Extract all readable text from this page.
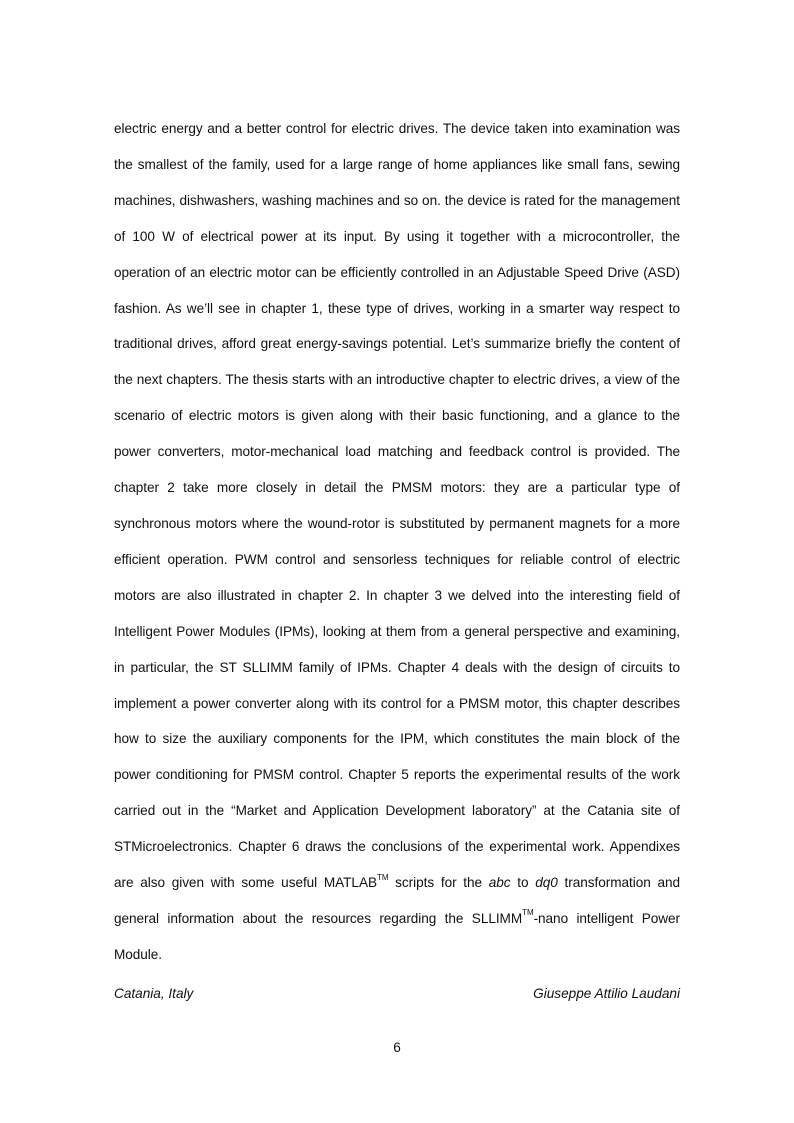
electric energy and a better control for electric drives. The device taken into examination was the smallest of the family, used for a large range of home appliances like small fans, sewing machines, dishwashers, washing machines and so on. the device is rated for the management of 100 W of electrical power at its input. By using it together with a microcontroller, the operation of an electric motor can be efficiently controlled in an Adjustable Speed Drive (ASD) fashion. As we’ll see in chapter 1, these type of drives, working in a smarter way respect to traditional drives, afford great energy-savings potential. Let’s summarize briefly the content of the next chapters. The thesis starts with an introductive chapter to electric drives, a view of the scenario of electric motors is given along with their basic functioning, and a glance to the power converters, motor-mechanical load matching and feedback control is provided. The chapter 2 take more closely in detail the PMSM motors: they are a particular type of synchronous motors where the wound-rotor is substituted by permanent magnets for a more efficient operation. PWM control and sensorless techniques for reliable control of electric motors are also illustrated in chapter 2. In chapter 3 we delved into the interesting field of Intelligent Power Modules (IPMs), looking at them from a general perspective and examining, in particular, the ST SLLIMM family of IPMs. Chapter 4 deals with the design of circuits to implement a power converter along with its control for a PMSM motor, this chapter describes how to size the auxiliary components for the IPM, which constitutes the main block of the power conditioning for PMSM control. Chapter 5 reports the experimental results of the work carried out in the “Market and Application Development laboratory” at the Catania site of STMicroelectronics. Chapter 6 draws the conclusions of the experimental work. Appendixes are also given with some useful MATLAB™ scripts for the abc to dq0 transformation and general information about the resources regarding the SLLIMM™-nano intelligent Power Module.

Catania, Italy	Giuseppe Attilio Laudani
6
